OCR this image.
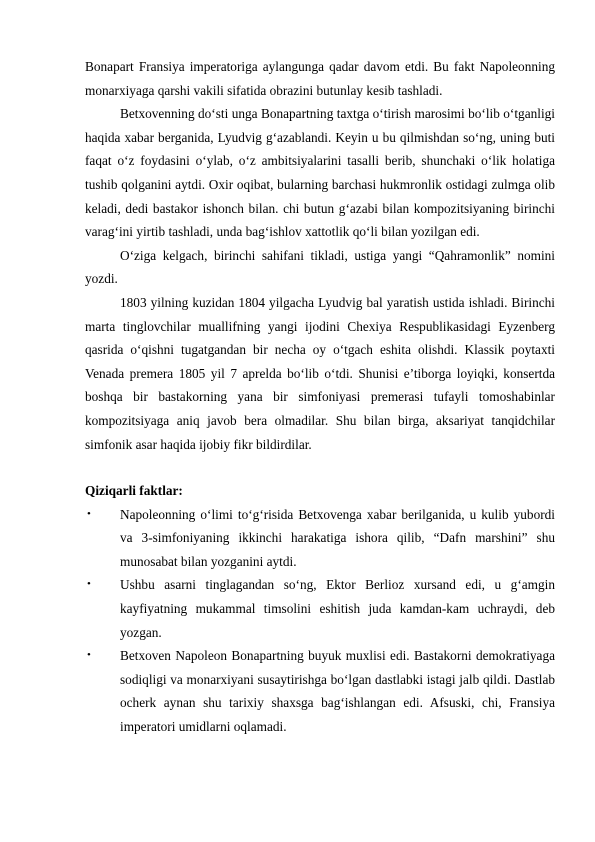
Bonapart Fransiya imperatoriga aylangunga qadar davom etdi. Bu fakt Napoleonning monarxiyaga qarshi vakili sifatida obrazini butunlay kesib tashladi.

Betxovenning do‘sti unga Bonapartning taxtga o‘tirish marosimi bo‘lib o‘tganligi haqida xabar berganida, Lyudvig g‘azablandi. Keyin u bu qilmishdan so‘ng, uning buti faqat o‘z foydasini o‘ylab, o‘z ambitsiyalarini tasalli berib, shunchaki o‘lik holatiga tushib qolganini aytdi. Oxir oqibat, bularning barchasi hukmronlik ostidagi zulmga olib keladi, dedi bastakor ishonch bilan. chi butun g‘azabi bilan kompozitsiyaning birinchi varag‘ini yirtib tashladi, unda bag‘ishlov xattotlik qo‘li bilan yozilgan edi.

O‘ziga kelgach, birinchi sahifani tikladi, ustiga yangi “Qahramonlik” nomini yozdi.

1803 yilning kuzidan 1804 yilgacha Lyudvig bal yaratish ustida ishladi. Birinchi marta tinglovchilar muallifning yangi ijodini Chexiya Respublikasidagi Eyzenberg qasrida o‘qishni tugatgandan bir necha oy o‘tgach eshita olishdi. Klassik poytaxti Venada premera 1805 yil 7 aprelda bo‘lib o‘tdi. Shunisi e’tiborga loyiqki, konsertda boshqa bir bastakorning yana bir simfoniyasi premerasi tufayli tomoshabinlar kompozitsiyaga aniq javob bera olmadilar. Shu bilan birga, aksariyat tanqidchilar simfonik asar haqida ijobiy fikr bildirdilar.

Qiziqarli faktlar:
• Napoleonning o‘limi to‘g‘risida Betxovenga xabar berilganida, u kulib yubordi va 3-simfoniyaning ikkinchi harakatiga ishora qilib, “Dafn marshini” shu munosabat bilan yozganini aytdi.
• Ushbu asarni tinglagandan so‘ng, Ektor Berlioz xursand edi, u g‘amgin kayfiyatning mukammal timsolini eshitish juda kamdan-kam uchraydi, deb yozgan.
• Betxoven Napoleon Bonapartning buyuk muxlisi edi. Bastakorni demokratiyaga sodiqligi va monarxiyani susaytirishga bo‘lgan dastlabki istagi jalb qildi. Dastlab ocherk aynan shu tarixiy shaxsga bag‘ishlangan edi. Afsuski, chi, Fransiya imperatori umidlarni oqlamadi.
